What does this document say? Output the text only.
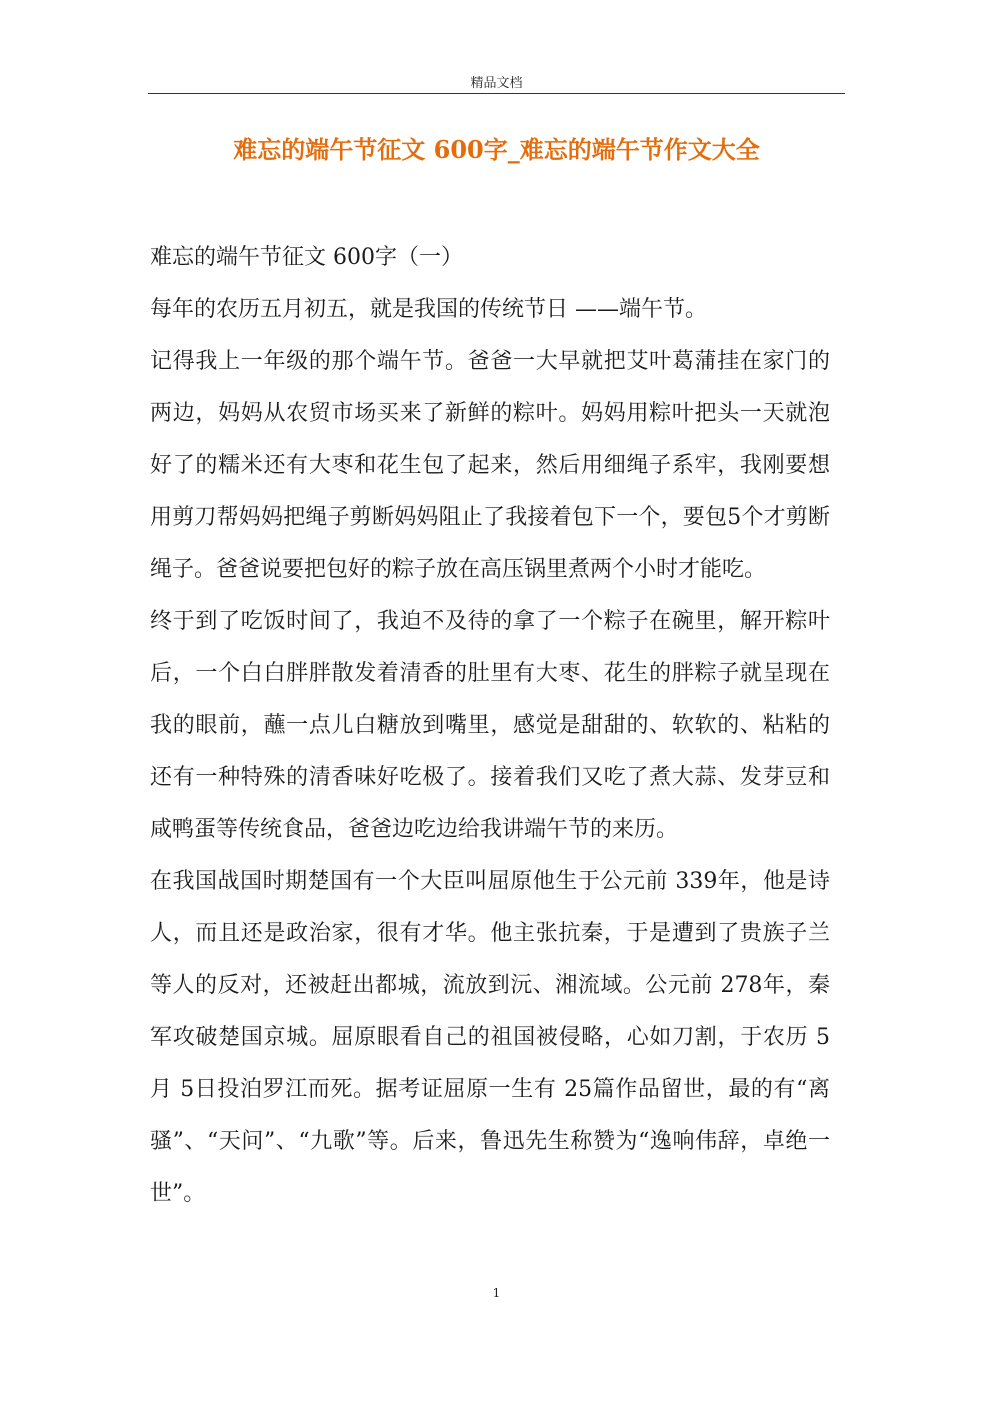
精品文档
难忘的端午节征文 600字_难忘的端午节作文大全

难忘的端午节征文 600字（一）

每年的农历五月初五，就是我国的传统节日 ——端午节。

记得我上一年级的那个端午节。爸爸一大早就把艾叶葛蒲挂在家门的两边，妈妈从农贸市场买来了新鲜的粽叶。妈妈用粽叶把头一天就泡好了的糯米还有大枣和花生包了起来，然后用细绳子系牢，我刚要想用剪刀帮妈妈把绳子剪断妈妈阻止了我接着包下一个，要包5个才剪断绳子。爸爸说要把包好的粽子放在高压锅里煮两个小时才能吃。

终于到了吃饭时间了，我迫不及待的拿了一个粽子在碗里，解开粽叶后，一个白白胖胖散发着清香的肚里有大枣、花生的胖粽子就呈现在我的眼前，蘸一点儿白糖放到嘴里，感觉是甜甜的、软软的、粘粘的还有一种特殊的清香味好吃极了。接着我们又吃了煮大蒜、发芽豆和咸鸭蛋等传统食品，爸爸边吃边给我讲端午节的来历。

在我国战国时期楚国有一个大臣叫屈原他生于公元前 339年，他是诗人，而且还是政治家，很有才华。他主张抗秦，于是遭到了贵族子兰等人的反对，还被赶出都城，流放到沅、湘流域。公元前 278年，秦军攻破楚国京城。屈原眼看自己的祖国被侵略，心如刀割，于农历 5月 5日投泊罗江而死。据考证屈原一生有 25篇作品留世，最的有“离骚”、“天问”、“九歌”等。后来，鲁迅先生称赞为“逸响伟辞，卓绝一世”。

1
